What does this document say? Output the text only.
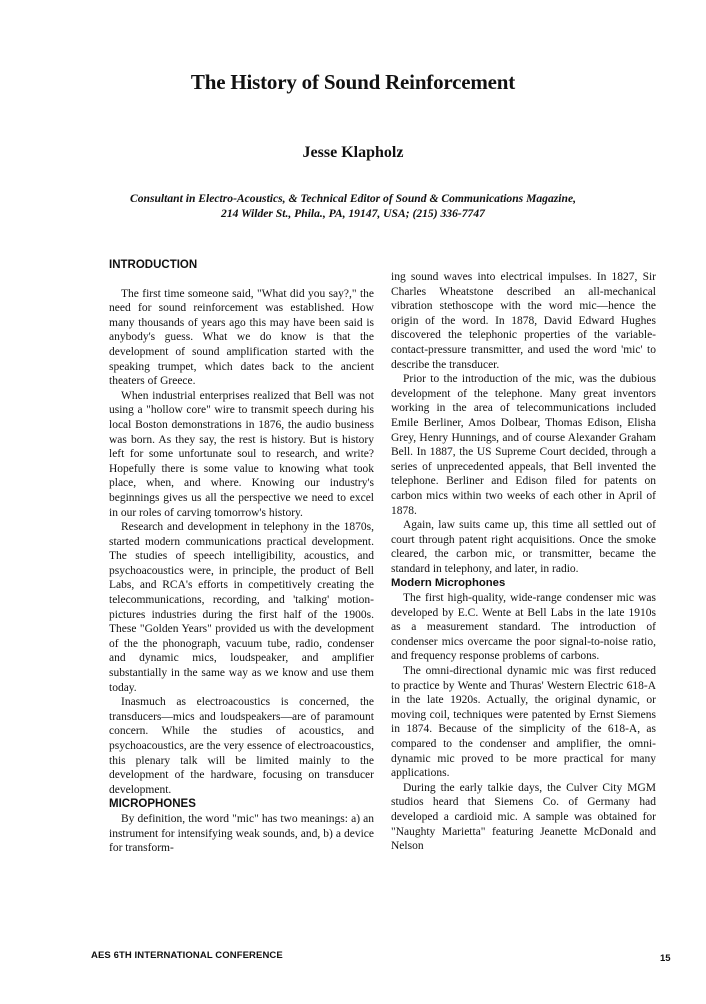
The History of Sound Reinforcement
Jesse Klapholz
Consultant in Electro-Acoustics, & Technical Editor of Sound & Communications Magazine,
214 Wilder St., Phila., PA, 19147, USA; (215) 336-7747
INTRODUCTION

The first time someone said, "What did you say?," the need for sound reinforcement was established. How many thousands of years ago this may have been said is anybody's guess. What we do know is that the development of sound amplification started with the speaking trumpet, which dates back to the ancient theaters of Greece.

When industrial enterprises realized that Bell was not using a "hollow core" wire to transmit speech during his local Boston demonstrations in 1876, the audio business was born. As they say, the rest is history. But is history left for some unfortunate soul to research, and write? Hopefully there is some value to knowing what took place, when, and where. Knowing our industry's beginnings gives us all the perspective we need to excel in our roles of carving tomorrow's history.

Research and development in telephony in the 1870s, started modern communications practical development. The studies of speech intelligibility, acoustics, and psychoacoustics were, in principle, the product of Bell Labs, and RCA's efforts in competitively creating the telecommunications, recording, and 'talking' motion-pictures industries during the first half of the 1900s. These "Golden Years" provided us with the development of the the phonograph, vacuum tube, radio, condenser and dynamic mics, loudspeaker, and amplifier substantially in the same way as we know and use them today.

Inasmuch as electroacoustics is concerned, the transducers—mics and loudspeakers—are of paramount concern. While the studies of acoustics, and psychoacoustics, are the very essence of electroacoustics, this plenary talk will be limited mainly to the development of the hardware, focusing on transducer development.

MICROPHONES

By definition, the word "mic" has two meanings: a) an instrument for intensifying weak sounds, and, b) a device for transform-

ing sound waves into electrical impulses. In 1827, Sir Charles Wheatstone described an all-mechanical vibration stethoscope with the word mic—hence the origin of the word. In 1878, David Edward Hughes discovered the telephonic properties of the variable-contact-pressure transmitter, and used the word 'mic' to describe the transducer.

Prior to the introduction of the mic, was the dubious development of the telephone. Many great inventors working in the area of telecommunications included Emile Berliner, Amos Dolbear, Thomas Edison, Elisha Grey, Henry Hunnings, and of course Alexander Graham Bell. In 1887, the US Supreme Court decided, through a series of unprecedented appeals, that Bell invented the telephone. Berliner and Edison filed for patents on carbon mics within two weeks of each other in April of 1878.

Again, law suits came up, this time all settled out of court through patent right acquisitions. Once the smoke cleared, the carbon mic, or transmitter, became the standard in telephony, and later, in radio.

Modern Microphones

The first high-quality, wide-range condenser mic was developed by E.C. Wente at Bell Labs in the late 1910s as a measurement standard. The introduction of condenser mics overcame the poor signal-to-noise ratio, and frequency response problems of carbons.

The omni-directional dynamic mic was first reduced to practice by Wente and Thuras' Western Electric 618-A in the late 1920s. Actually, the original dynamic, or moving coil, techniques were patented by Ernst Siemens in 1874. Because of the simplicity of the 618-A, as compared to the condenser and amplifier, the omni-dynamic mic proved to be more practical for many applications.

During the early talkie days, the Culver City MGM studios heard that Siemens Co. of Germany had developed a cardioid mic. A sample was obtained for "Naughty Marietta" featuring Jeanette McDonald and Nelson

AES 6TH INTERNATIONAL CONFERENCE	15
